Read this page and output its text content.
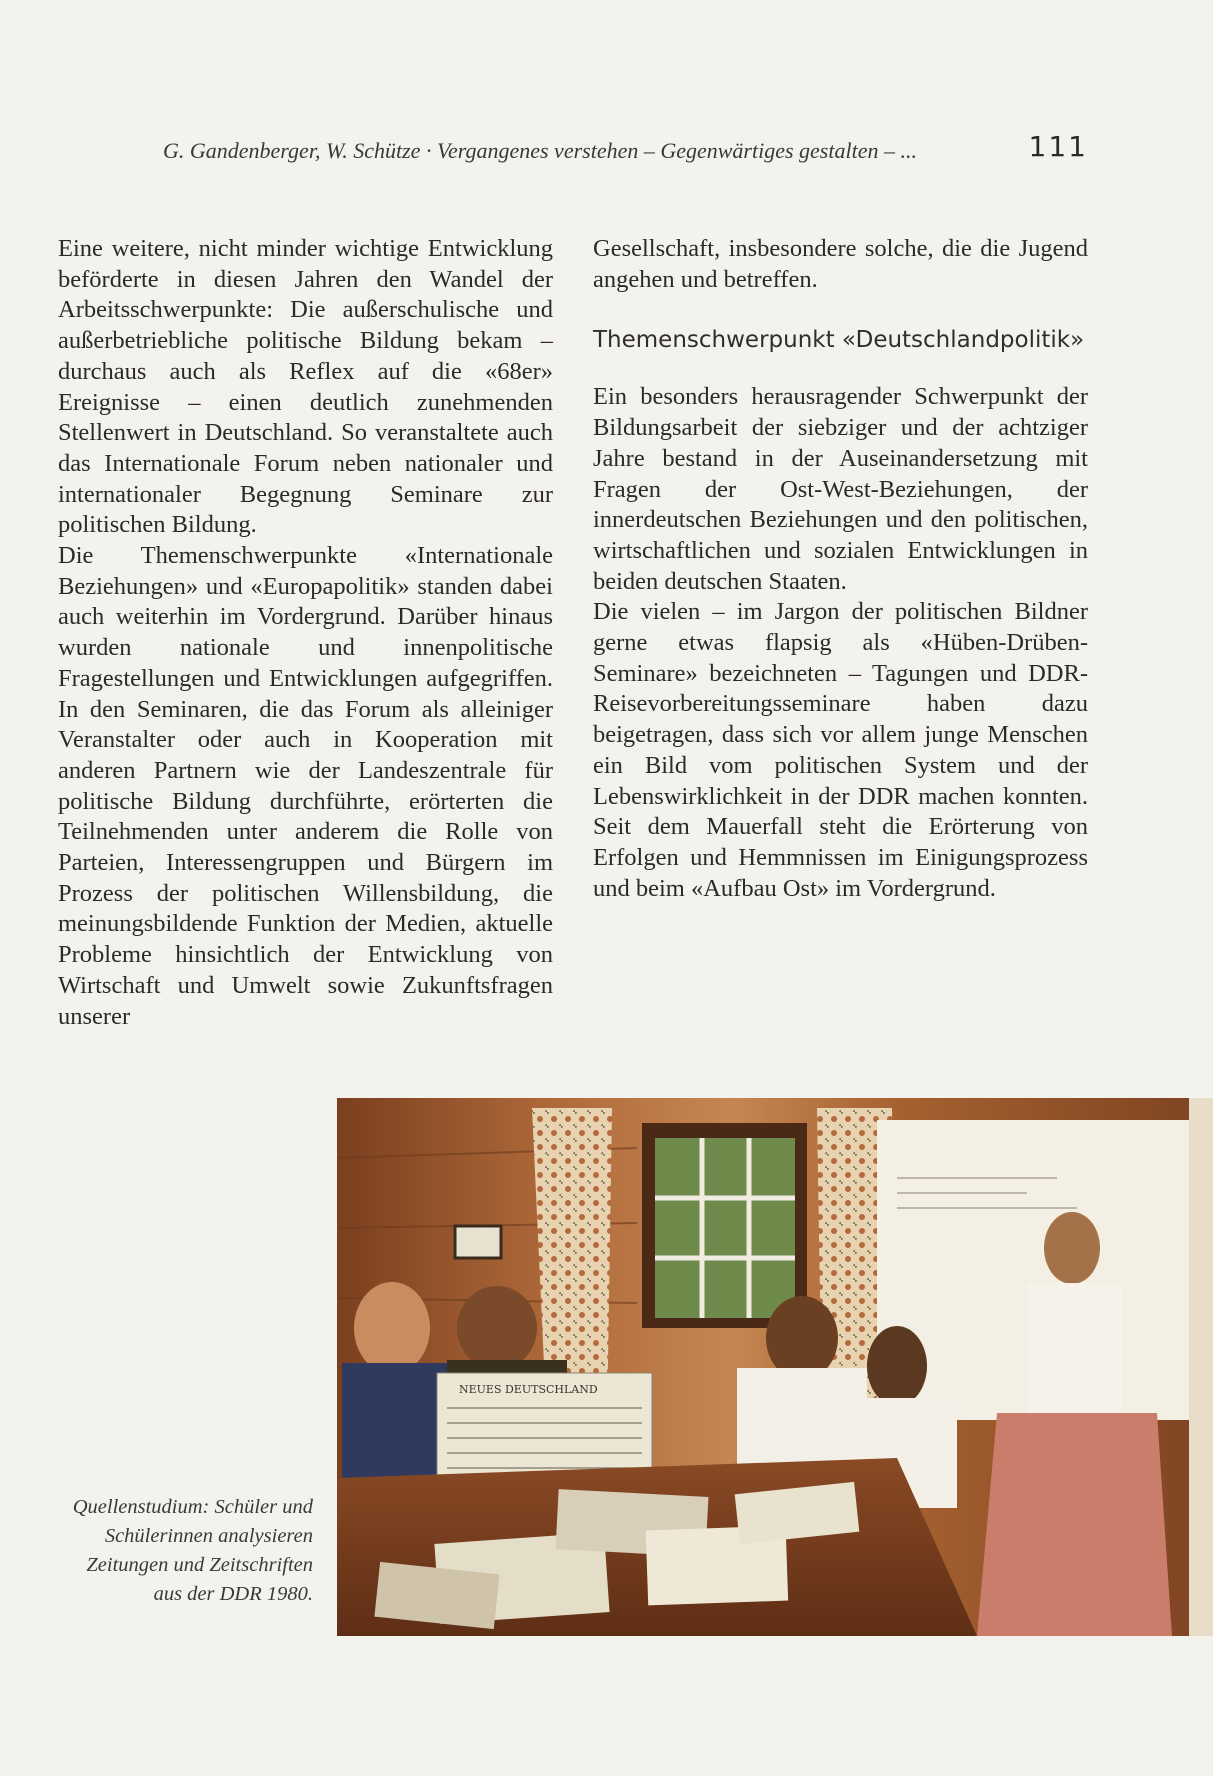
G. Gandenberger, W. Schütze · Vergangenes verstehen – Gegenwärtiges gestalten – ...	111

Eine weitere, nicht minder wichtige Entwicklung beförderte in diesen Jahren den Wandel der Arbeitsschwerpunkte: Die außerschulische und außerbetriebliche politische Bildung bekam – durchaus auch als Reflex auf die «68er» Ereignisse – einen deutlich zunehmenden Stellenwert in Deutschland. So veranstaltete auch das Internationale Forum neben nationaler und internationaler Begegnung Seminare zur politischen Bildung.

Die Themenschwerpunkte «Internationale Beziehungen» und «Europapolitik» standen dabei auch weiterhin im Vordergrund. Darüber hinaus wurden nationale und innenpolitische Fragestellungen und Entwicklungen aufgegriffen. In den Seminaren, die das Forum als alleiniger Veranstalter oder auch in Kooperation mit anderen Partnern wie der Landeszentrale für politische Bildung durchführte, erörterten die Teilnehmenden unter anderem die Rolle von Parteien, Interessengruppen und Bürgern im Prozess der politischen Willensbildung, die meinungsbildende Funktion der Medien, aktuelle Probleme hinsichtlich der Entwicklung von Wirtschaft und Umwelt sowie Zukunftsfragen unserer

Gesellschaft, insbesondere solche, die die Jugend angehen und betreffen.

Themenschwerpunkt «Deutschlandpolitik»

Ein besonders herausragender Schwerpunkt der Bildungsarbeit der siebziger und der achtziger Jahre bestand in der Auseinandersetzung mit Fragen der Ost-West-Beziehungen, der innerdeutschen Beziehungen und den politischen, wirtschaftlichen und sozialen Entwicklungen in beiden deutschen Staaten.

Die vielen – im Jargon der politischen Bildner gerne etwas flapsig als «Hüben-Drüben-Seminare» bezeichneten – Tagungen und DDR-Reisevorbereitungsseminare haben dazu beigetragen, dass sich vor allem junge Menschen ein Bild vom politischen System und der Lebenswirklichkeit in der DDR machen konnten. Seit dem Mauerfall steht die Erörterung von Erfolgen und Hemmnissen im Einigungsprozess und beim «Aufbau Ost» im Vordergrund.

Quellenstudium: Schüler und Schülerinnen analysieren Zeitungen und Zeitschriften aus der DDR 1980.
NEUES DEUTSCHLAND
